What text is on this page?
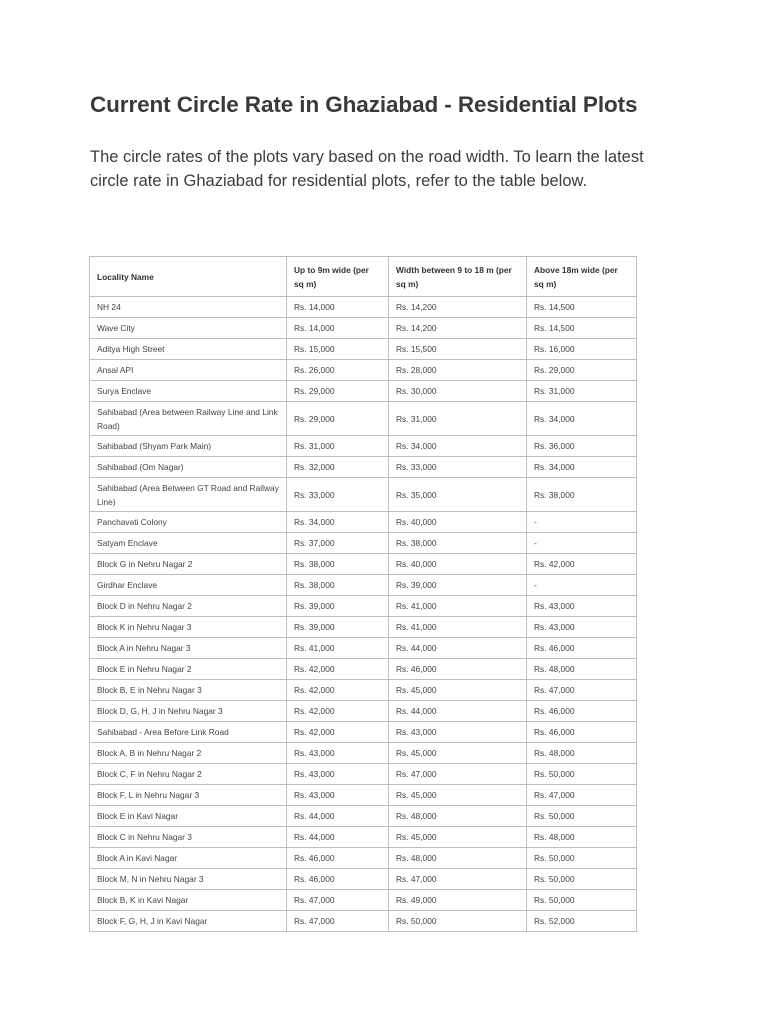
Current Circle Rate in Ghaziabad - Residential Plots

The circle rates of the plots vary based on the road width. To learn the latest circle rate in Ghaziabad for residential plots, refer to the table below.

Locality Name	Up to 9m wide (per sq m)	Width between 9 to 18 m (per sq m)	Above 18m wide (per sq m)
NH 24	Rs. 14,000	Rs. 14,200	Rs. 14,500
Wave City	Rs. 14,000	Rs. 14,200	Rs. 14,500
Aditya High Street	Rs. 15,000	Rs. 15,500	Rs. 16,000
Ansal API	Rs. 26,000	Rs. 28,000	Rs. 29,000
Surya Enclave	Rs. 29,000	Rs. 30,000	Rs. 31,000
Sahibabad (Area between Railway Line and Link Road)	Rs. 29,000	Rs. 31,000	Rs. 34,000
Sahibabad (Shyam Park Main)	Rs. 31,000	Rs. 34,000	Rs. 36,000
Sahibabad (Om Nagar)	Rs. 32,000	Rs. 33,000	Rs. 34,000
Sahibabad (Area Between GT Road and Railway Line)	Rs. 33,000	Rs. 35,000	Rs. 38,000
Panchavati Colony	Rs. 34,000	Rs. 40,000	-
Satyam Enclave	Rs. 37,000	Rs. 38,000	-
Block G in Nehru Nagar 2	Rs. 38,000	Rs. 40,000	Rs. 42,000
Girdhar Enclave	Rs. 38,000	Rs. 39,000	-
Block D in Nehru Nagar 2	Rs. 39,000	Rs. 41,000	Rs. 43,000
Block K in Nehru Nagar 3	Rs. 39,000	Rs. 41,000	Rs. 43,000
Block A in Nehru Nagar 3	Rs. 41,000	Rs. 44,000	Rs. 46,000
Block E in Nehru Nagar 2	Rs. 42,000	Rs. 46,000	Rs. 48,000
Block B, E in Nehru Nagar 3	Rs. 42,000	Rs. 45,000	Rs. 47,000
Block D, G, H, J in Nehru Nagar 3	Rs. 42,000	Rs. 44,000	Rs. 46,000
Sahibabad - Area Before Link Road	Rs. 42,000	Rs. 43,000	Rs. 46,000
Block A, B in Nehru Nagar 2	Rs. 43,000	Rs. 45,000	Rs. 48,000
Block C, F in Nehru Nagar 2	Rs. 43,000	Rs. 47,000	Rs. 50,000
Block F, L in Nehru Nagar 3	Rs. 43,000	Rs. 45,000	Rs. 47,000
Block E in Kavi Nagar	Rs. 44,000	Rs. 48,000	Rs. 50,000
Block C in Nehru Nagar 3	Rs. 44,000	Rs. 45,000	Rs. 48,000
Block A in Kavi Nagar	Rs. 46,000	Rs. 48,000	Rs. 50,000
Block M, N in Nehru Nagar 3	Rs. 46,000	Rs. 47,000	Rs. 50,000
Block B, K in Kavi Nagar	Rs. 47,000	Rs. 49,000	Rs. 50,000
Block F, G, H, J in Kavi Nagar	Rs. 47,000	Rs. 50,000	Rs. 52,000
